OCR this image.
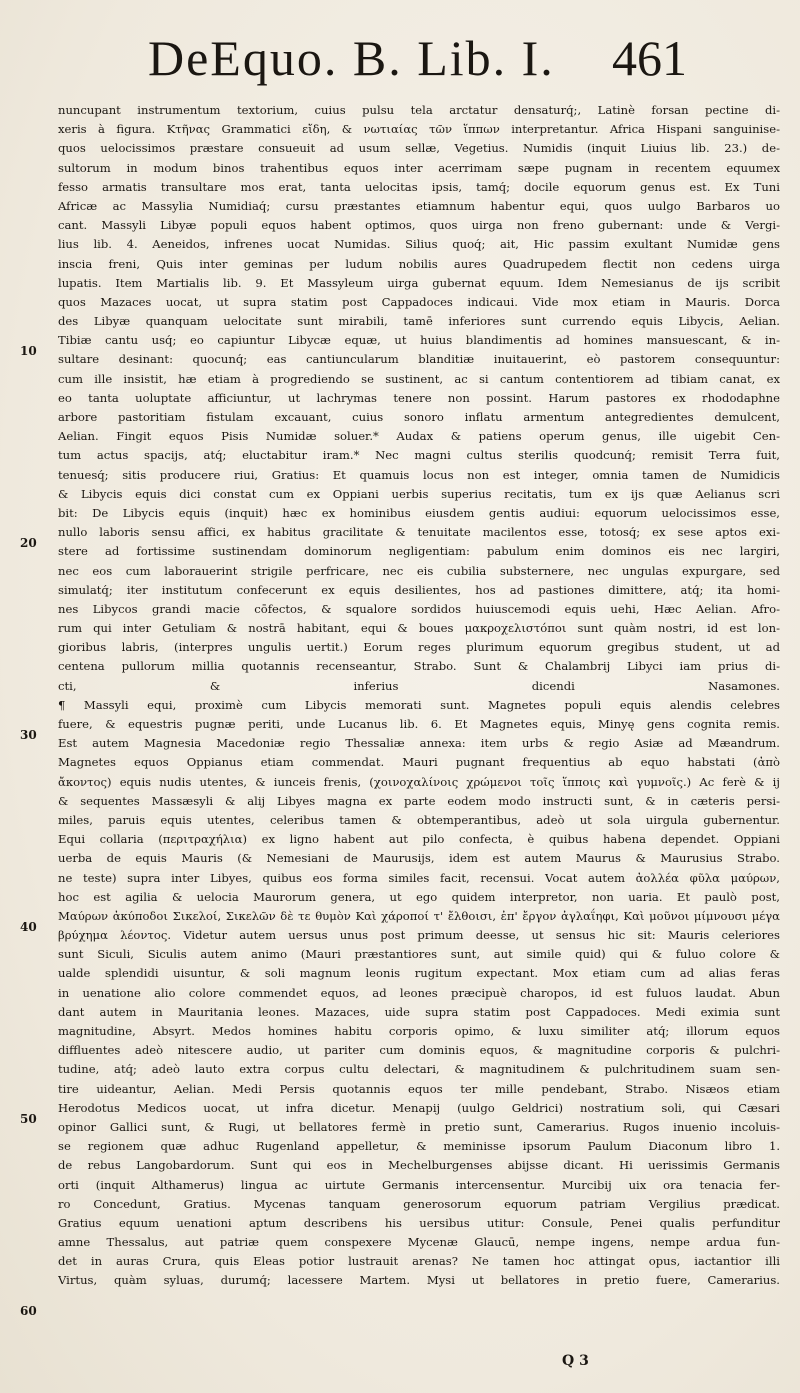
DeEquo. B. Lib. I. 461
10
20
30
40
50
60
nuncupant instrumentum textorium, cuius pulsu tela arctatur densaturq́;, Latinè forsan pectine di-
xeris à figura. Κτῆνας Grammatici εἴδη, & νωτιαίας τῶν ἵππων interpretantur. Africa Hispani sanguinise-
quos uelocissimos præstare consueuit ad usum sellæ, Vegetius. Numidis (inquit Liuius lib. 23.) de-
sultorum in modum binos trahentibus equos inter acerrimam sæpe pugnam in recentem equumex
fesso armatis transultare mos erat, tanta uelocitas ipsis, tamq́; docile equorum genus est. Ex Tuni
Africæ ac Massylia Numidiaq́; cursu præstantes etiamnum habentur equi, quos uulgo Barbaros uo
cant. Massyli Libyæ populi equos habent optimos, quos uirga non freno gubernant: unde & Vergi-
lius lib. 4. Aeneidos, infrenes uocat Numidas. Silius quoq́; ait, Hic passim exultant Numidæ gens
inscia freni, Quis inter geminas per ludum nobilis aures Quadrupedem flectit non cedens uirga
lupatis. Item Martialis lib. 9. Et Massyleum uirga gubernat equum. Idem Nemesianus de ijs scribit
quos Mazaces uocat, ut supra statim post Cappadoces indicaui. Vide mox etiam in Mauris. Dorca
des Libyæ quanquam uelocitate sunt mirabili, tamē inferiores sunt currendo equis Libycis, Aelian.
Tibiæ cantu usq́; eo capiuntur Libycæ equæ, ut huius blandimentis ad homines mansuescant, & in-
sultare desinant: quocunq́; eas cantiuncularum blanditiæ inuitauerint, eò pastorem consequuntur:
cum ille insistit, hæ etiam à progrediendo se sustinent, ac si cantum contentiorem ad tibiam canat, ex
eo tanta uoluptate afficiuntur, ut lachrymas tenere non possint. Harum pastores ex rhododaphne
arbore pastoritiam fistulam excauant, cuius sonoro inflatu armentum antegredientes demulcent,
Aelian. Fingit equos Pisis Numidæ soluer.* Audax & patiens operum genus, ille uigebit Cen-
tum actus spacijs, atq́; eluctabitur iram.* Nec magni cultus sterilis quodcunq́; remisit Terra fuit,
tenuesq́; sitis producere riui, Gratius: Et quamuis locus non est integer, omnia tamen de Numidicis
& Libycis equis dici constat cum ex Oppiani uerbis superius recitatis, tum ex ijs quæ Aelianus scri
bit: De Libycis equis (inquit) hæc ex hominibus eiusdem gentis audiui: equorum uelocissimos esse,
nullo laboris sensu affici, ex habitus gracilitate & tenuitate macilentos esse, totosq́; ex sese aptos exi-
stere ad fortissime sustinendam dominorum negligentiam: pabulum enim dominos eis nec largiri,
nec eos cum laborauerint strigile perfricare, nec eis cubilia substernere, nec ungulas expurgare, sed
simulatq́; iter institutum confecerunt ex equis desilientes, hos ad pastiones dimittere, atq́; ita homi-
nes Libycos grandi macie cōfectos, & squalore sordidos huiuscemodi equis uehi, Hæc Aelian. Afro-
rum qui inter Getuliam & nostrā habitant, equi & boues μακροχελιστόποι sunt quàm nostri, id est lon-
gioribus labris, (interpres ungulis uertit.) Eorum reges plurimum equorum gregibus student, ut ad
centena pullorum millia quotannis recenseantur, Strabo. Sunt & Chalambrij Libyci iam prius di-
cti, & inferius dicendi Nasamones.
¶ Massyli equi, proximè cum Libycis memorati sunt. Magnetes populi equis alendis celebres
fuere, & equestris pugnæ periti, unde Lucanus lib. 6. Et Magnetes equis, Minyę gens cognita remis.
Est autem Magnesia Macedoniæ regio Thessaliæ annexa: item urbs & regio Asiæ ad Mæandrum.
Magnetes equos Oppianus etiam commendat. Mauri pugnant frequentius ab equo habstati (ἀπὸ
ἄκοντος) equis nudis utentes, & iunceis frenis, (χοινοχαλίνοις χρώμενοι τοῖς ἵπποις καὶ γυμνοῖς.) Ac ferè & ij
& sequentes Massæsyli & alij Libyes magna ex parte eodem modo instructi sunt, & in cæteris persi-
miles, paruis equis utentes, celeribus tamen & obtemperantibus, adeò ut sola uirgula gubernentur.
Equi collaria (περιτραχήλια) ex ligno habent aut pilo confecta, è quibus habena dependet. Oppiani
uerba de equis Mauris (& Nemesiani de Maurusijs, idem est autem Maurus & Maurusius Strabo.
ne teste) supra inter Libyes, quibus eos forma similes facit, recensui. Vocat autem ἀολλέα φῦλα μαύρων,
hoc est agilia & uelocia Maurorum genera, ut ego quidem interpretor, non uaria. Et paulò post,
Μαύρων ἀκύποδοι Σικελοί, Σικελῶν δὲ τε θυμὸν Καὶ χάροποί τ' ἔλθοισι, ἐπ' ἔργον ἀγλαΐηφι, Καὶ μοῦνοι μίμνουσι μέγα
βρύχημα λέοντος. Videtur autem uersus unus post primum deesse, ut sensus hic sit: Mauris celeriores
sunt Siculi, Siculis autem animo (Mauri præstantiores sunt, aut simile quid) qui & fuluo colore &
ualde splendidi uisuntur, & soli magnum leonis rugitum expectant. Mox etiam cum ad alias feras
in uenatione alio colore commendet equos, ad leones præcipuè charopos, id est fuluos laudat. Abun
dant autem in Mauritania leones. Mazaces, uide supra statim post Cappadoces. Medi eximia sunt
magnitudine, Absyrt. Medos homines habitu corporis opimo, & luxu similiter atq́; illorum equos
diffluentes adeò nitescere audio, ut pariter cum dominis equos, & magnitudine corporis & pulchri-
tudine, atq́; adeò lauto extra corpus cultu delectari, & magnitudinem & pulchritudinem suam sen-
tire uideantur, Aelian. Medi Persis quotannis equos ter mille pendebant, Strabo. Nisæos etiam
Herodotus Medicos uocat, ut infra dicetur. Menapij (uulgo Geldrici) nostratium soli, qui Cæsari
opinor Gallici sunt, & Rugi, ut bellatores fermè in pretio sunt, Camerarius. Rugos inuenio incoluis-
se regionem quæ adhuc Rugenland appelletur, & meminisse ipsorum Paulum Diaconum libro 1.
de rebus Langobardorum. Sunt qui eos in Mechelburgenses abijsse dicant. Hi uerissimis Germanis
orti (inquit Althamerus) lingua ac uirtute Germanis intercensentur. Murcibij uix ora tenacia fer-
ro Concedunt, Gratius. Mycenas tanquam generosorum equorum patriam Vergilius prædicat.
Gratius equum uenationi aptum describens his uersibus utitur: Consule, Penei qualis perfunditur
amne Thessalus, aut patriæ quem conspexere Mycenæ Glaucū, nempe ingens, nempe ardua fun-
det in auras Crura, quis Eleas potior lustrauit arenas? Ne tamen hoc attingat opus, iactantior illi
Virtus, quàm syluas, durumq́; lacessere Martem. Mysi ut bellatores in pretio fuere, Camerarius.
Q 3
